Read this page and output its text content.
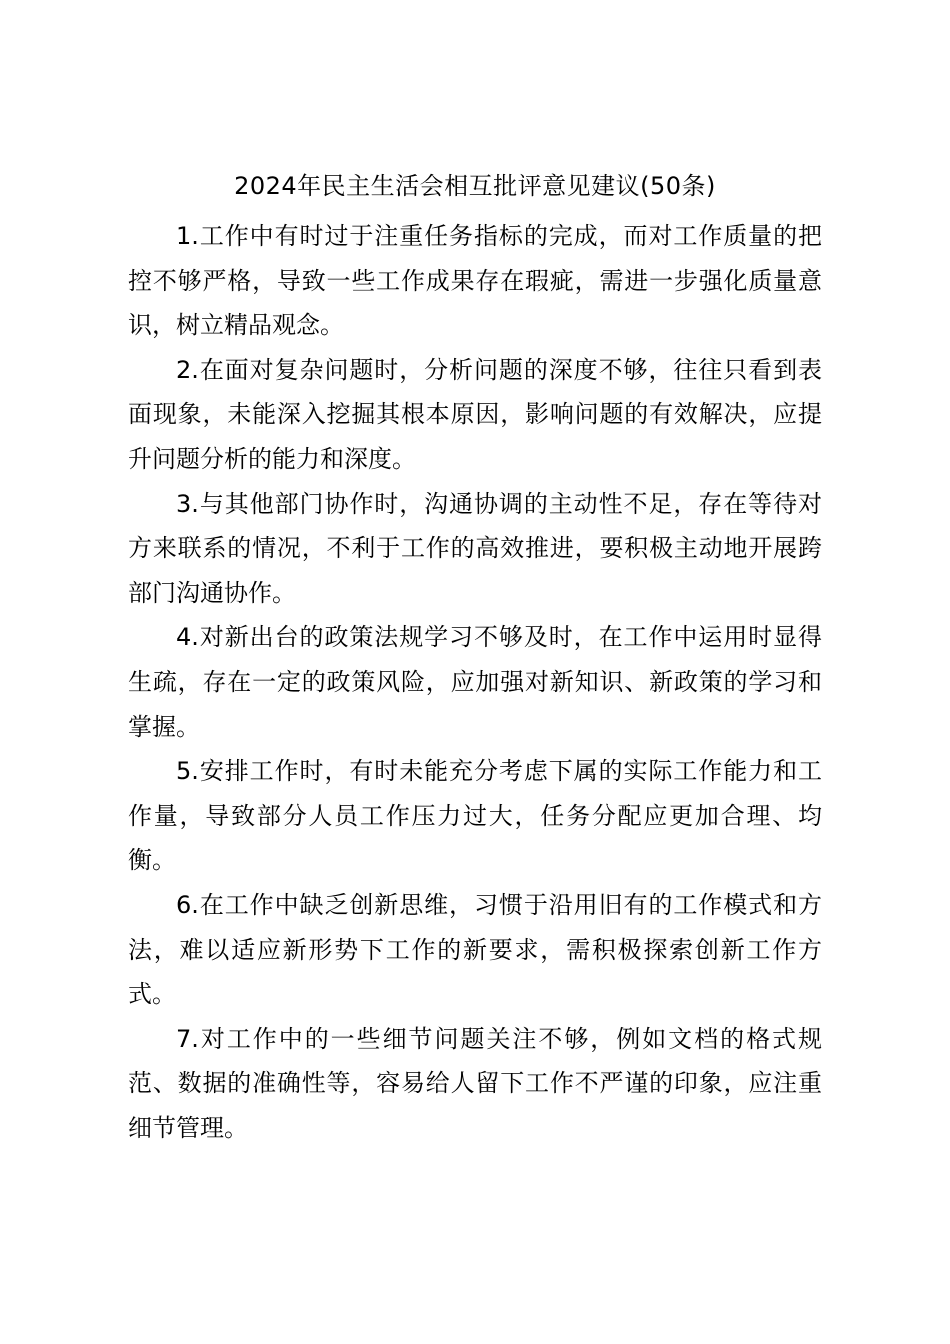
2024年民主生活会相互批评意见建议(50条)

1.工作中有时过于注重任务指标的完成，而对工作质量的把控不够严格，导致一些工作成果存在瑕疵，需进一步强化质量意识，树立精品观念。

2.在面对复杂问题时，分析问题的深度不够，往往只看到表面现象，未能深入挖掘其根本原因，影响问题的有效解决，应提升问题分析的能力和深度。

3.与其他部门协作时，沟通协调的主动性不足，存在等待对方来联系的情况，不利于工作的高效推进，要积极主动地开展跨部门沟通协作。

4.对新出台的政策法规学习不够及时，在工作中运用时显得生疏，存在一定的政策风险，应加强对新知识、新政策的学习和掌握。

5.安排工作时，有时未能充分考虑下属的实际工作能力和工作量，导致部分人员工作压力过大，任务分配应更加合理、均衡。

6.在工作中缺乏创新思维，习惯于沿用旧有的工作模式和方法，难以适应新形势下工作的新要求，需积极探索创新工作方式。

7.对工作中的一些细节问题关注不够，例如文档的格式规范、数据的准确性等，容易给人留下工作不严谨的印象，应注重细节管理。
